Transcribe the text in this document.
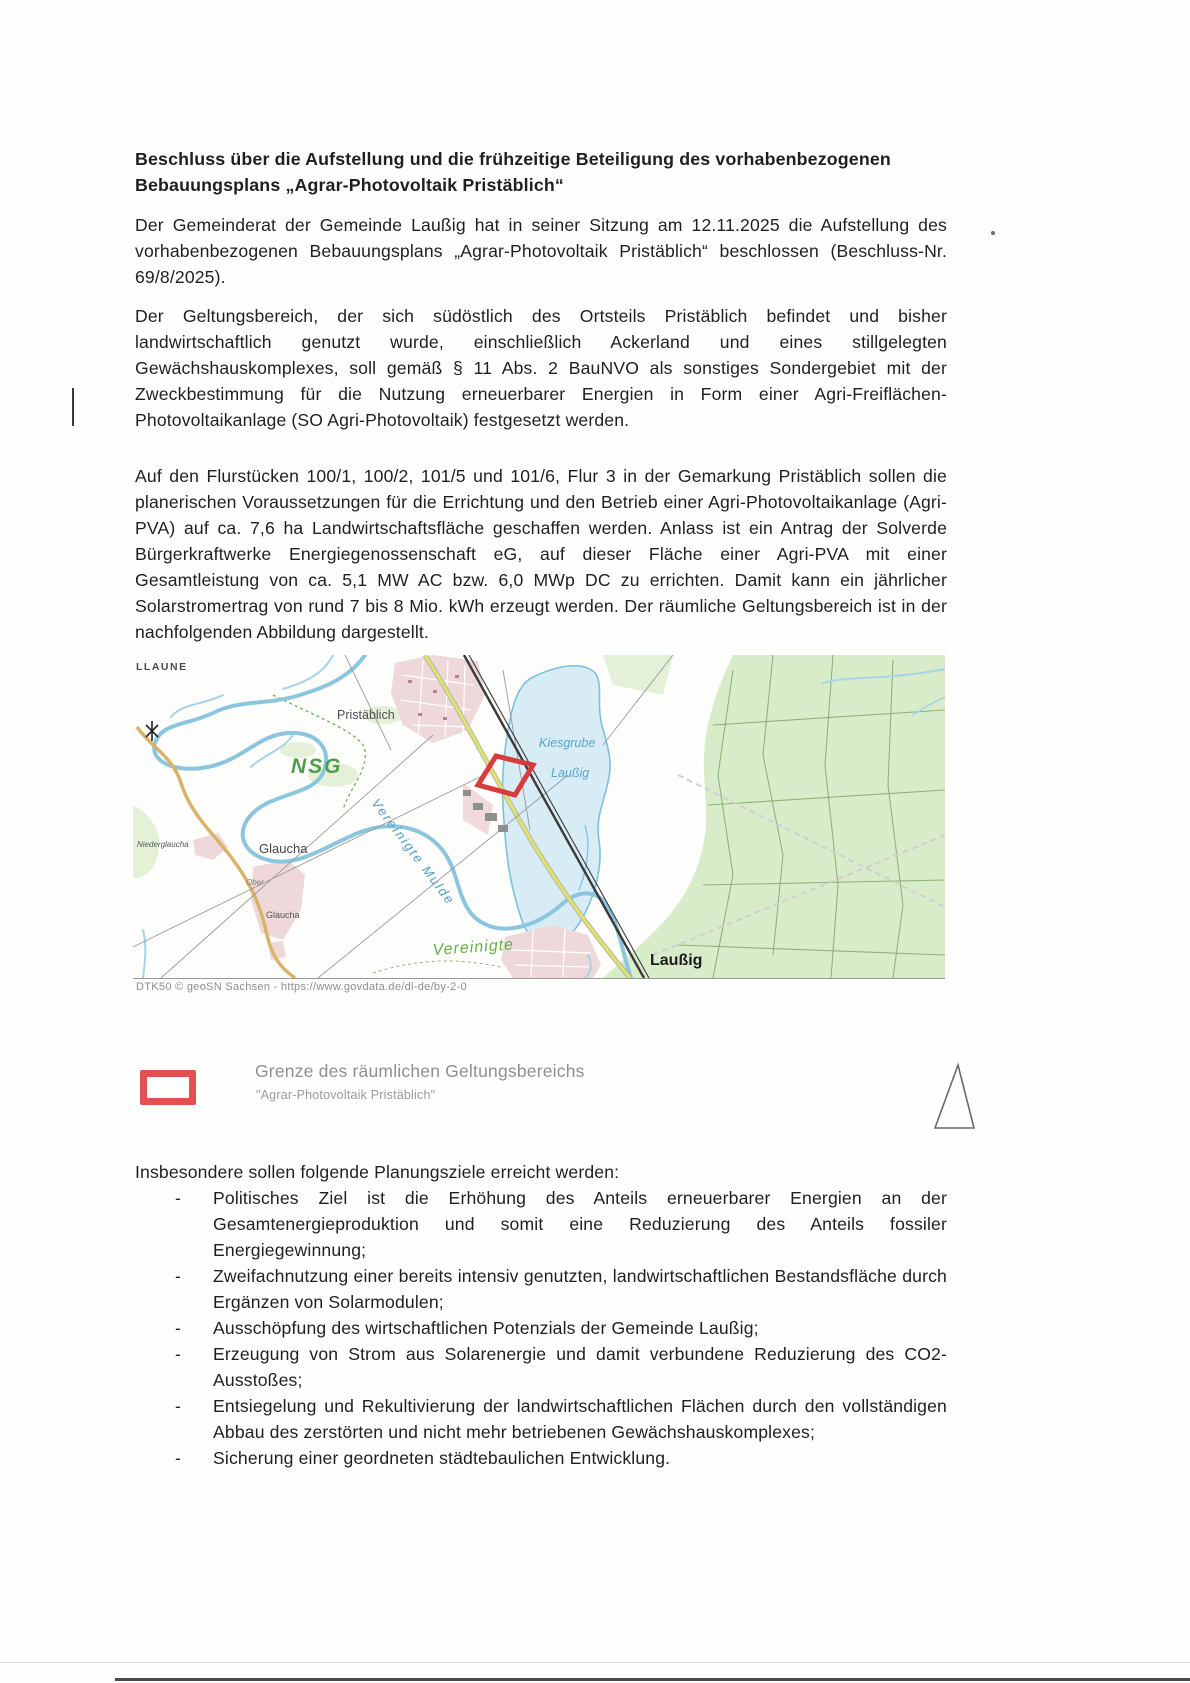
Beschluss über die Aufstellung und die frühzeitige Beteiligung des vorhabenbezogenen Bebauungsplans „Agrar-Photovoltaik Pristäblich“
Der Gemeinderat der Gemeinde Laußig hat in seiner Sitzung am 12.11.2025 die Aufstellung des vorhabenbezogenen Bebauungsplans „Agrar-Photovoltaik Pristäblich“ beschlossen (Beschluss-Nr. 69/8/2025).
Der Geltungsbereich, der sich südöstlich des Ortsteils Pristäblich befindet und bisher landwirtschaftlich genutzt wurde, einschließlich Ackerland und eines stillgelegten Gewächshauskomplexes, soll gemäß § 11 Abs. 2 BauNVO als sonstiges Sondergebiet mit der Zweckbestimmung für die Nutzung erneuerbarer Energien in Form einer Agri-Freiflächen-Photovoltaikanlage (SO Agri-Photovoltaik) festgesetzt werden.
Auf den Flurstücken 100/1, 100/2, 101/5 und 101/6, Flur 3 in der Gemarkung Pristäblich sollen die planerischen Voraussetzungen für die Errichtung und den Betrieb einer Agri-Photovoltaikanlage (Agri-PVA) auf ca. 7,6 ha Landwirtschaftsfläche geschaffen werden. Anlass ist ein Antrag der Solverde Bürgerkraftwerke Energiegenossenschaft eG, auf dieser Fläche einer Agri-PVA mit einer Gesamtleistung von ca. 5,1 MW AC bzw. 6,0 MWp DC zu errichten. Damit kann ein jährlicher Solarstromertrag von rund 7 bis 8 Mio. kWh erzeugt werden. Der räumliche Geltungsbereich ist in der nachfolgenden Abbildung dargestellt.
LLAUNE
Pristäblich
NSG
Kiesgrube
Laußig
Niederglaucha	Glaucha
Ober
Glaucha
Vereinigte Mulde
Vereinigte
Laußig
DTK50 © geoSN Sachsen - https://www.govdata.de/dl-de/by-2-0
Grenze des räumlichen Geltungsbereichs
"Agrar-Photovoltaik Pristäblich"
Insbesondere sollen folgende Planungsziele erreicht werden:
- Politisches Ziel ist die Erhöhung des Anteils erneuerbarer Energien an der Gesamtenergieproduktion und somit eine Reduzierung des Anteils fossiler Energiegewinnung;
- Zweifachnutzung einer bereits intensiv genutzten, landwirtschaftlichen Bestandsfläche durch Ergänzen von Solarmodulen;
- Ausschöpfung des wirtschaftlichen Potenzials der Gemeinde Laußig;
- Erzeugung von Strom aus Solarenergie und damit verbundene Reduzierung des CO2-Ausstoßes;
- Entsiegelung und Rekultivierung der landwirtschaftlichen Flächen durch den vollständigen Abbau des zerstörten und nicht mehr betriebenen Gewächshauskomplexes;
- Sicherung einer geordneten städtebaulichen Entwicklung.
